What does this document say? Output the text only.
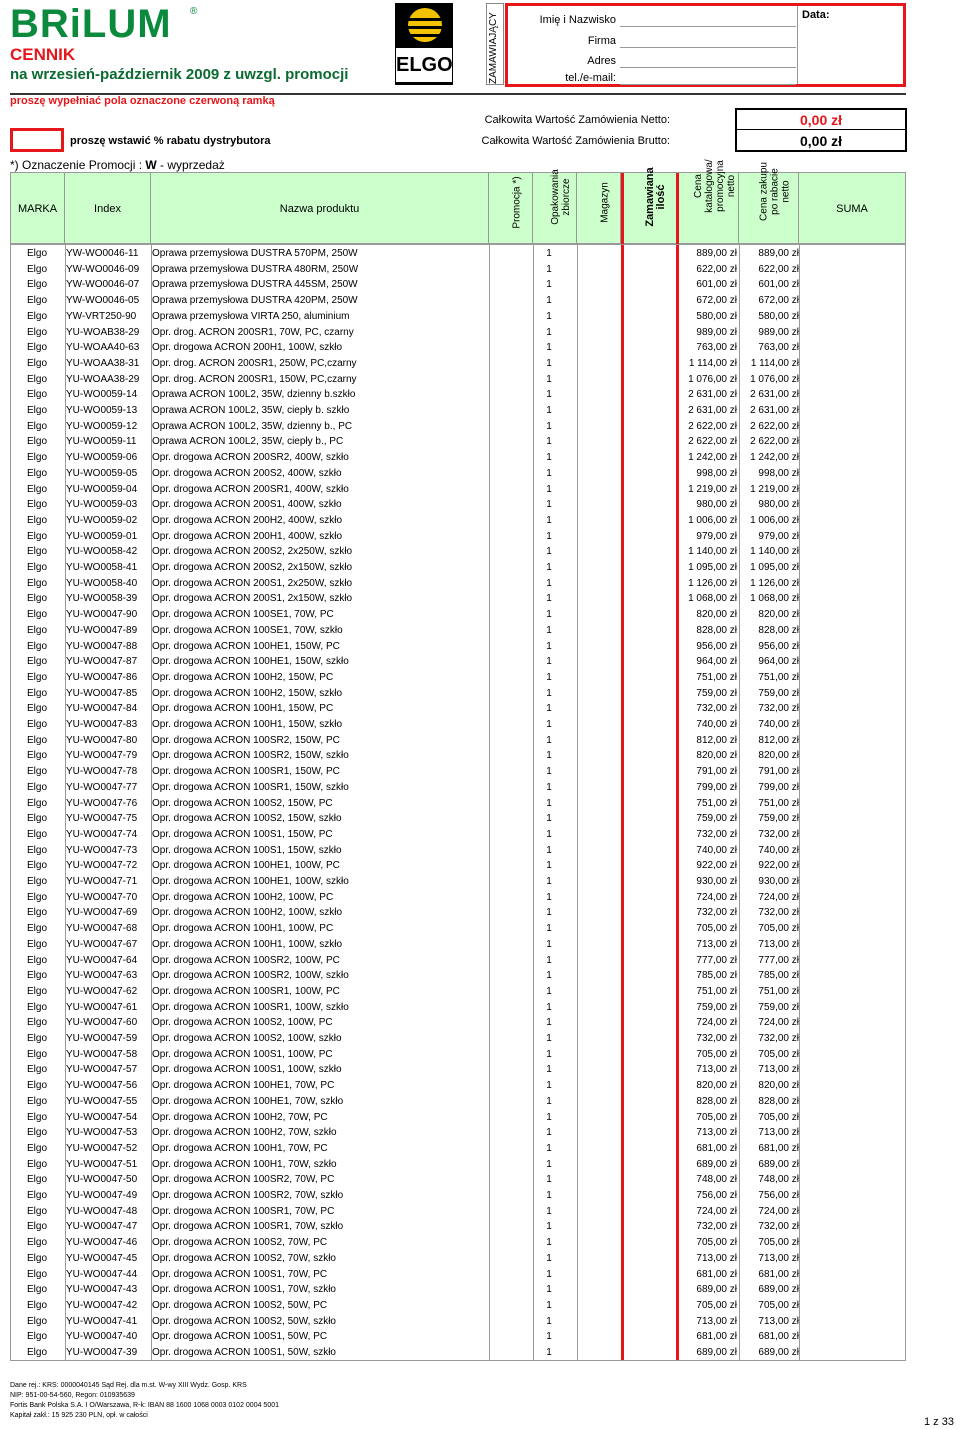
BRiLUM ®
CENNIK
na wrzesień-październik 2009 z uwzgl. promocji ELGO	ZAMAWIAJĄCY	Imię i Nazwisko
Firma
Adres
tel./e-mail:
Data:
proszę wypełniać pola oznaczone czerwoną ramką
proszę wstawić % rabatu dystrybutora
Całkowita Wartość Zamówienia Netto:
Całkowita Wartość Zamówienia Brutto:
0,00 zł
0,00 zł
*) Oznaczenie Promocji : W - wyprzedaż
MARKA	Index	Nazwa produktu	Promocja *)	Opakowania
zbiorcze	Magazyn	Zamawiana
ilość	Cena
katalogowa/
promocyjna
netto
Cena zakupu
po rabacie
netto
SUMA
Elgo	YW-WO0046-11	Oprawa przemysłowa DUSTRA 570PM, 250W	1	889,00 zł	889,00 zł
Elgo	YW-WO0046-09	Oprawa przemysłowa DUSTRA 480RM, 250W	1	622,00 zł	622,00 zł
Elgo	YW-WO0046-07	Oprawa przemysłowa DUSTRA 445SM, 250W	1	601,00 zł	601,00 zł
Elgo	YW-WO0046-05	Oprawa przemysłowa DUSTRA 420PM, 250W	1	672,00 zł	672,00 zł
Elgo	YW-VRT250-90	Oprawa przemysłowa VIRTA 250, aluminium	1	580,00 zł	580,00 zł
Elgo	YU-WOAB38-29	Opr. drog. ACRON 200SR1, 70W, PC, czarny	1	989,00 zł	989,00 zł
Elgo	YU-WOAA40-63	Opr. drogowa ACRON 200H1, 100W, szkło	1	763,00 zł	763,00 zł
Elgo	YU-WOAA38-31	Opr. drog. ACRON 200SR1, 250W, PC,czarny	1	1 114,00 zł	1 114,00 zł
Elgo	YU-WOAA38-29	Opr. drog. ACRON 200SR1, 150W, PC,czarny	1	1 076,00 zł	1 076,00 zł
Elgo	YU-WO0059-14	Oprawa ACRON 100L2, 35W, dzienny b.szkło	1	2 631,00 zł	2 631,00 zł
Elgo	YU-WO0059-13	Oprawa ACRON 100L2, 35W, ciepły b. szkło	1	2 631,00 zł	2 631,00 zł
Elgo	YU-WO0059-12	Oprawa ACRON 100L2, 35W, dzienny b., PC	1	2 622,00 zł	2 622,00 zł
Elgo	YU-WO0059-11	Oprawa ACRON 100L2, 35W, ciepły b., PC	1	2 622,00 zł	2 622,00 zł
Elgo	YU-WO0059-06	Opr. drogowa ACRON 200SR2, 400W, szkło	1	1 242,00 zł	1 242,00 zł
Elgo	YU-WO0059-05	Opr. drogowa ACRON 200S2, 400W, szkło	1	998,00 zł	998,00 zł
Elgo	YU-WO0059-04	Opr. drogowa ACRON 200SR1, 400W, szkło	1	1 219,00 zł	1 219,00 zł
Elgo	YU-WO0059-03	Opr. drogowa ACRON 200S1, 400W, szkło	1	980,00 zł	980,00 zł
Elgo	YU-WO0059-02	Opr. drogowa ACRON 200H2, 400W, szkło	1	1 006,00 zł	1 006,00 zł
Elgo	YU-WO0059-01	Opr. drogowa ACRON 200H1, 400W, szkło	1	979,00 zł	979,00 zł
Elgo	YU-WO0058-42	Opr. drogowa ACRON 200S2, 2x250W, szkło	1	1 140,00 zł	1 140,00 zł
Elgo	YU-WO0058-41	Opr. drogowa ACRON 200S2, 2x150W, szkło	1	1 095,00 zł	1 095,00 zł
Elgo	YU-WO0058-40	Opr. drogowa ACRON 200S1, 2x250W, szkło	1	1 126,00 zł	1 126,00 zł
Elgo	YU-WO0058-39	Opr. drogowa ACRON 200S1, 2x150W, szkło	1	1 068,00 zł	1 068,00 zł
Elgo	YU-WO0047-90	Opr. drogowa ACRON 100SE1, 70W, PC	1	820,00 zł	820,00 zł
Elgo	YU-WO0047-89	Opr. drogowa ACRON 100SE1, 70W, szkło	1	828,00 zł	828,00 zł
Elgo	YU-WO0047-88	Opr. drogowa ACRON 100HE1, 150W, PC	1	956,00 zł	956,00 zł
Elgo	YU-WO0047-87	Opr. drogowa ACRON 100HE1, 150W, szkło	1	964,00 zł	964,00 zł
Elgo	YU-WO0047-86	Opr. drogowa ACRON 100H2, 150W, PC	1	751,00 zł	751,00 zł
Elgo	YU-WO0047-85	Opr. drogowa ACRON 100H2, 150W, szkło	1	759,00 zł	759,00 zł
Elgo	YU-WO0047-84	Opr. drogowa ACRON 100H1, 150W, PC	1	732,00 zł	732,00 zł
Elgo	YU-WO0047-83	Opr. drogowa ACRON 100H1, 150W, szkło	1	740,00 zł	740,00 zł
Elgo	YU-WO0047-80	Opr. drogowa ACRON 100SR2, 150W, PC	1	812,00 zł	812,00 zł
Elgo	YU-WO0047-79	Opr. drogowa ACRON 100SR2, 150W, szkło	1	820,00 zł	820,00 zł
Elgo	YU-WO0047-78	Opr. drogowa ACRON 100SR1, 150W, PC	1	791,00 zł	791,00 zł
Elgo	YU-WO0047-77	Opr. drogowa ACRON 100SR1, 150W, szkło	1	799,00 zł	799,00 zł
Elgo	YU-WO0047-76	Opr. drogowa ACRON 100S2, 150W, PC	1	751,00 zł	751,00 zł
Elgo	YU-WO0047-75	Opr. drogowa ACRON 100S2, 150W, szkło	1	759,00 zł	759,00 zł
Elgo	YU-WO0047-74	Opr. drogowa ACRON 100S1, 150W, PC	1	732,00 zł	732,00 zł
Elgo	YU-WO0047-73	Opr. drogowa ACRON 100S1, 150W, szkło	1	740,00 zł	740,00 zł
Elgo	YU-WO0047-72	Opr. drogowa ACRON 100HE1, 100W, PC	1	922,00 zł	922,00 zł
Elgo	YU-WO0047-71	Opr. drogowa ACRON 100HE1, 100W, szkło	1	930,00 zł	930,00 zł
Elgo	YU-WO0047-70	Opr. drogowa ACRON 100H2, 100W, PC	1	724,00 zł	724,00 zł
Elgo	YU-WO0047-69	Opr. drogowa ACRON 100H2, 100W, szkło	1	732,00 zł	732,00 zł
Elgo	YU-WO0047-68	Opr. drogowa ACRON 100H1, 100W, PC	1	705,00 zł	705,00 zł
Elgo	YU-WO0047-67	Opr. drogowa ACRON 100H1, 100W, szkło	1	713,00 zł	713,00 zł
Elgo	YU-WO0047-64	Opr. drogowa ACRON 100SR2, 100W, PC	1	777,00 zł	777,00 zł
Elgo	YU-WO0047-63	Opr. drogowa ACRON 100SR2, 100W, szkło	1	785,00 zł	785,00 zł
Elgo	YU-WO0047-62	Opr. drogowa ACRON 100SR1, 100W, PC	1	751,00 zł	751,00 zł
Elgo	YU-WO0047-61	Opr. drogowa ACRON 100SR1, 100W, szkło	1	759,00 zł	759,00 zł
Elgo	YU-WO0047-60	Opr. drogowa ACRON 100S2, 100W, PC	1	724,00 zł	724,00 zł
Elgo	YU-WO0047-59	Opr. drogowa ACRON 100S2, 100W, szkło	1	732,00 zł	732,00 zł
Elgo	YU-WO0047-58	Opr. drogowa ACRON 100S1, 100W, PC	1	705,00 zł	705,00 zł
Elgo	YU-WO0047-57	Opr. drogowa ACRON 100S1, 100W, szkło	1	713,00 zł	713,00 zł
Elgo	YU-WO0047-56	Opr. drogowa ACRON 100HE1, 70W, PC	1	820,00 zł	820,00 zł
Elgo	YU-WO0047-55	Opr. drogowa ACRON 100HE1, 70W, szkło	1	828,00 zł	828,00 zł
Elgo	YU-WO0047-54	Opr. drogowa ACRON 100H2, 70W, PC	1	705,00 zł	705,00 zł
Elgo	YU-WO0047-53	Opr. drogowa ACRON 100H2, 70W, szkło	1	713,00 zł	713,00 zł
Elgo	YU-WO0047-52	Opr. drogowa ACRON 100H1, 70W, PC	1	681,00 zł	681,00 zł
Elgo	YU-WO0047-51	Opr. drogowa ACRON 100H1, 70W, szkło	1	689,00 zł	689,00 zł
Elgo	YU-WO0047-50	Opr. drogowa ACRON 100SR2, 70W, PC	1	748,00 zł	748,00 zł
Elgo	YU-WO0047-49	Opr. drogowa ACRON 100SR2, 70W, szkło	1	756,00 zł	756,00 zł
Elgo	YU-WO0047-48	Opr. drogowa ACRON 100SR1, 70W, PC	1	724,00 zł	724,00 zł
Elgo	YU-WO0047-47	Opr. drogowa ACRON 100SR1, 70W, szkło	1	732,00 zł	732,00 zł
Elgo	YU-WO0047-46	Opr. drogowa ACRON 100S2, 70W, PC	1	705,00 zł	705,00 zł
Elgo	YU-WO0047-45	Opr. drogowa ACRON 100S2, 70W, szkło	1	713,00 zł	713,00 zł
Elgo	YU-WO0047-44	Opr. drogowa ACRON 100S1, 70W, PC	1	681,00 zł	681,00 zł
Elgo	YU-WO0047-43	Opr. drogowa ACRON 100S1, 70W, szkło	1	689,00 zł	689,00 zł
Elgo	YU-WO0047-42	Opr. drogowa ACRON 100S2, 50W, PC	1	705,00 zł	705,00 zł
Elgo	YU-WO0047-41	Opr. drogowa ACRON 100S2, 50W, szkło	1	713,00 zł	713,00 zł
Elgo	YU-WO0047-40	Opr. drogowa ACRON 100S1, 50W, PC	1	681,00 zł	681,00 zł
Elgo	YU-WO0047-39	Opr. drogowa ACRON 100S1, 50W, szkło	1	689,00 zł	689,00 zł
Dane rej.: KRS: 0000040145 Sąd Rej. dla m.st. W-wy XIII Wydz. Gosp. KRS
NIP: 951-00-54-560, Regon: 010935639
Fortis Bank Polska S.A. I O/Warszawa, R-k: IBAN 88 1600 1068 0003 0102 0004 5001
Kapitał zakł.: 15 925 230 PLN, opł. w całości
1 z 33
